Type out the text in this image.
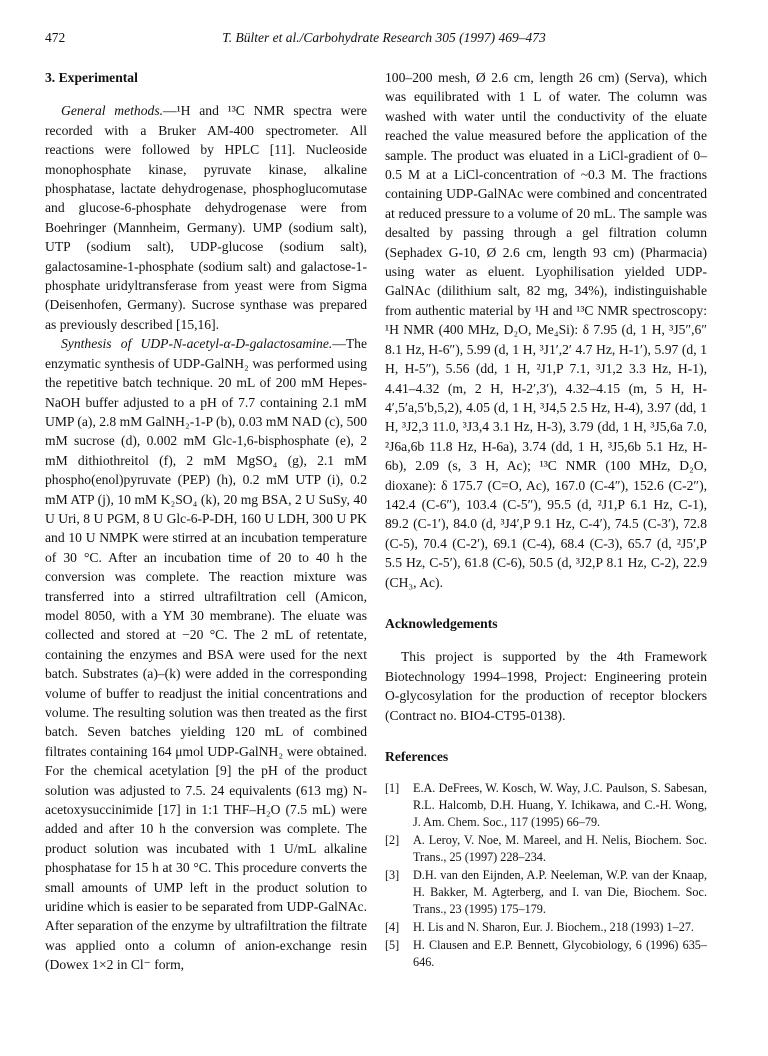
472	T. Bülter et al./Carbohydrate Research 305 (1997) 469–473
3. Experimental

General methods.—¹H and ¹³C NMR spectra were recorded with a Bruker AM-400 spectrometer. All reactions were followed by HPLC [11]. Nucleoside monophosphate kinase, pyruvate kinase, alkaline phosphatase, lactate dehydrogenase, phosphoglucomutase and glucose-6-phosphate dehydrogenase were from Boehringer (Mannheim, Germany). UMP (sodium salt), UTP (sodium salt), UDP-glucose (sodium salt), galactosamine-1-phosphate (sodium salt) and galactose-1-phosphate uridyltransferase from yeast were from Sigma (Deisenhofen, Germany). Sucrose synthase was prepared as previously described [15,16].

Synthesis of UDP-N-acetyl-α-D-galactosamine.—The enzymatic synthesis of UDP-GalNH₂ was performed using the repetitive batch technique. 20 mL of 200 mM Hepes-NaOH buffer adjusted to a pH of 7.7 containing 2.1 mM UMP (a), 2.8 mM GalNH₂-1-P (b), 0.03 mM NAD (c), 500 mM sucrose (d), 0.002 mM Glc-1,6-bisphosphate (e), 2 mM dithiothreitol (f), 2 mM MgSO₄ (g), 2.1 mM phospho(enol)pyruvate (PEP) (h), 0.2 mM UTP (i), 0.2 mM ATP (j), 10 mM K₂SO₄ (k), 20 mg BSA, 2 U SuSy, 40 U Uri, 8 U PGM, 8 U Glc-6-P-DH, 160 U LDH, 300 U PK and 10 U NMPK were stirred at an incubation temperature of 30 °C. After an incubation time of 20 to 40 h the conversion was complete. The reaction mixture was transferred into a stirred ultrafiltration cell (Amicon, model 8050, with a YM 30 membrane). The eluate was collected and stored at −20 °C. The 2 mL of retentate, containing the enzymes and BSA were used for the next batch. Substrates (a)–(k) were added in the corresponding volume of buffer to readjust the initial concentrations and volume. The resulting solution was then treated as the first batch. Seven batches yielding 120 mL of combined filtrates containing 164 μmol UDP-GalNH₂ were obtained. For the chemical acetylation [9] the pH of the product solution was adjusted to 7.5. 24 equivalents (613 mg) N-acetoxysuccinimide [17] in 1:1 THF–H₂O (7.5 mL) were added and after 10 h the conversion was complete. The product solution was incubated with 1 U/mL alkaline phosphatase for 15 h at 30 °C. This procedure converts the small amounts of UMP left in the product solution to uridine which is easier to be separated from UDP-GalNAc. After separation of the enzyme by ultrafiltration the filtrate was applied onto a column of anion-exchange resin (Dowex 1×2 in Cl⁻ form,

100–200 mesh, Ø 2.6 cm, length 26 cm) (Serva), which was equilibrated with 1 L of water. The column was washed with water until the conductivity of the eluate reached the value measured before the application of the sample. The product was eluated in a LiCl-gradient of 0–0.5 M at a LiCl-concentration of ~0.3 M. The fractions containing UDP-GalNAc were combined and concentrated at reduced pressure to a volume of 20 mL. The sample was desalted by passing through a gel filtration column (Sephadex G-10, Ø 2.6 cm, length 93 cm) (Pharmacia) using water as eluent. Lyophilisation yielded UDP-GalNAc (dilithium salt, 82 mg, 34%), indistinguishable from authentic material by ¹H and ¹³C NMR spectroscopy: ¹H NMR (400 MHz, D₂O, Me₄Si): δ 7.95 (d, 1 H, ³J5″,6″ 8.1 Hz, H-6″), 5.99 (d, 1 H, ³J1′,2′ 4.7 Hz, H-1′), 5.97 (d, 1 H, H-5″), 5.56 (dd, 1 H, ²J1,P 7.1, ³J1,2 3.3 Hz, H-1), 4.41–4.32 (m, 2 H, H-2′,3′), 4.32–4.15 (m, 5 H, H-4′,5′a,5′b,5,2), 4.05 (d, 1 H, ³J4,5 2.5 Hz, H-4), 3.97 (dd, 1 H, ³J2,3 11.0, ³J3,4 3.1 Hz, H-3), 3.79 (dd, 1 H, ³J5,6a 7.0, ²J6a,6b 11.8 Hz, H-6a), 3.74 (dd, 1 H, ³J5,6b 5.1 Hz, H-6b), 2.09 (s, 3 H, Ac); ¹³C NMR (100 MHz, D₂O, dioxane): δ 175.7 (C=O, Ac), 167.0 (C-4″), 152.6 (C-2″), 142.4 (C-6″), 103.4 (C-5″), 95.5 (d, ²J1,P 6.1 Hz, C-1), 89.2 (C-1′), 84.0 (d, ³J4′,P 9.1 Hz, C-4′), 74.5 (C-3′), 72.8 (C-5), 70.4 (C-2′), 69.1 (C-4), 68.4 (C-3), 65.7 (d, ²J5′,P 5.5 Hz, C-5′), 61.8 (C-6), 50.5 (d, ³J2,P 8.1 Hz, C-2), 22.9 (CH₃, Ac).

Acknowledgements

This project is supported by the 4th Framework Biotechnology 1994–1998, Project: Engineering protein O-glycosylation for the production of receptor blockers (Contract no. BIO4-CT95-0138).

References
[1]	E.A. DeFrees, W. Kosch, W. Way, J.C. Paulson, S. Sabesan, R.L. Halcomb, D.H. Huang, Y. Ichikawa, and C.-H. Wong, J. Am. Chem. Soc., 117 (1995) 66–79.
[2]	A. Leroy, V. Noe, M. Mareel, and H. Nelis, Biochem. Soc. Trans., 25 (1997) 228–234.
[3]	D.H. van den Eijnden, A.P. Neeleman, W.P. van der Knaap, H. Bakker, M. Agterberg, and I. van Die, Biochem. Soc. Trans., 23 (1995) 175–179.
[4]	H. Lis and N. Sharon, Eur. J. Biochem., 218 (1993) 1–27.
[5]	H. Clausen and E.P. Bennett, Glycobiology, 6 (1996) 635–646.
